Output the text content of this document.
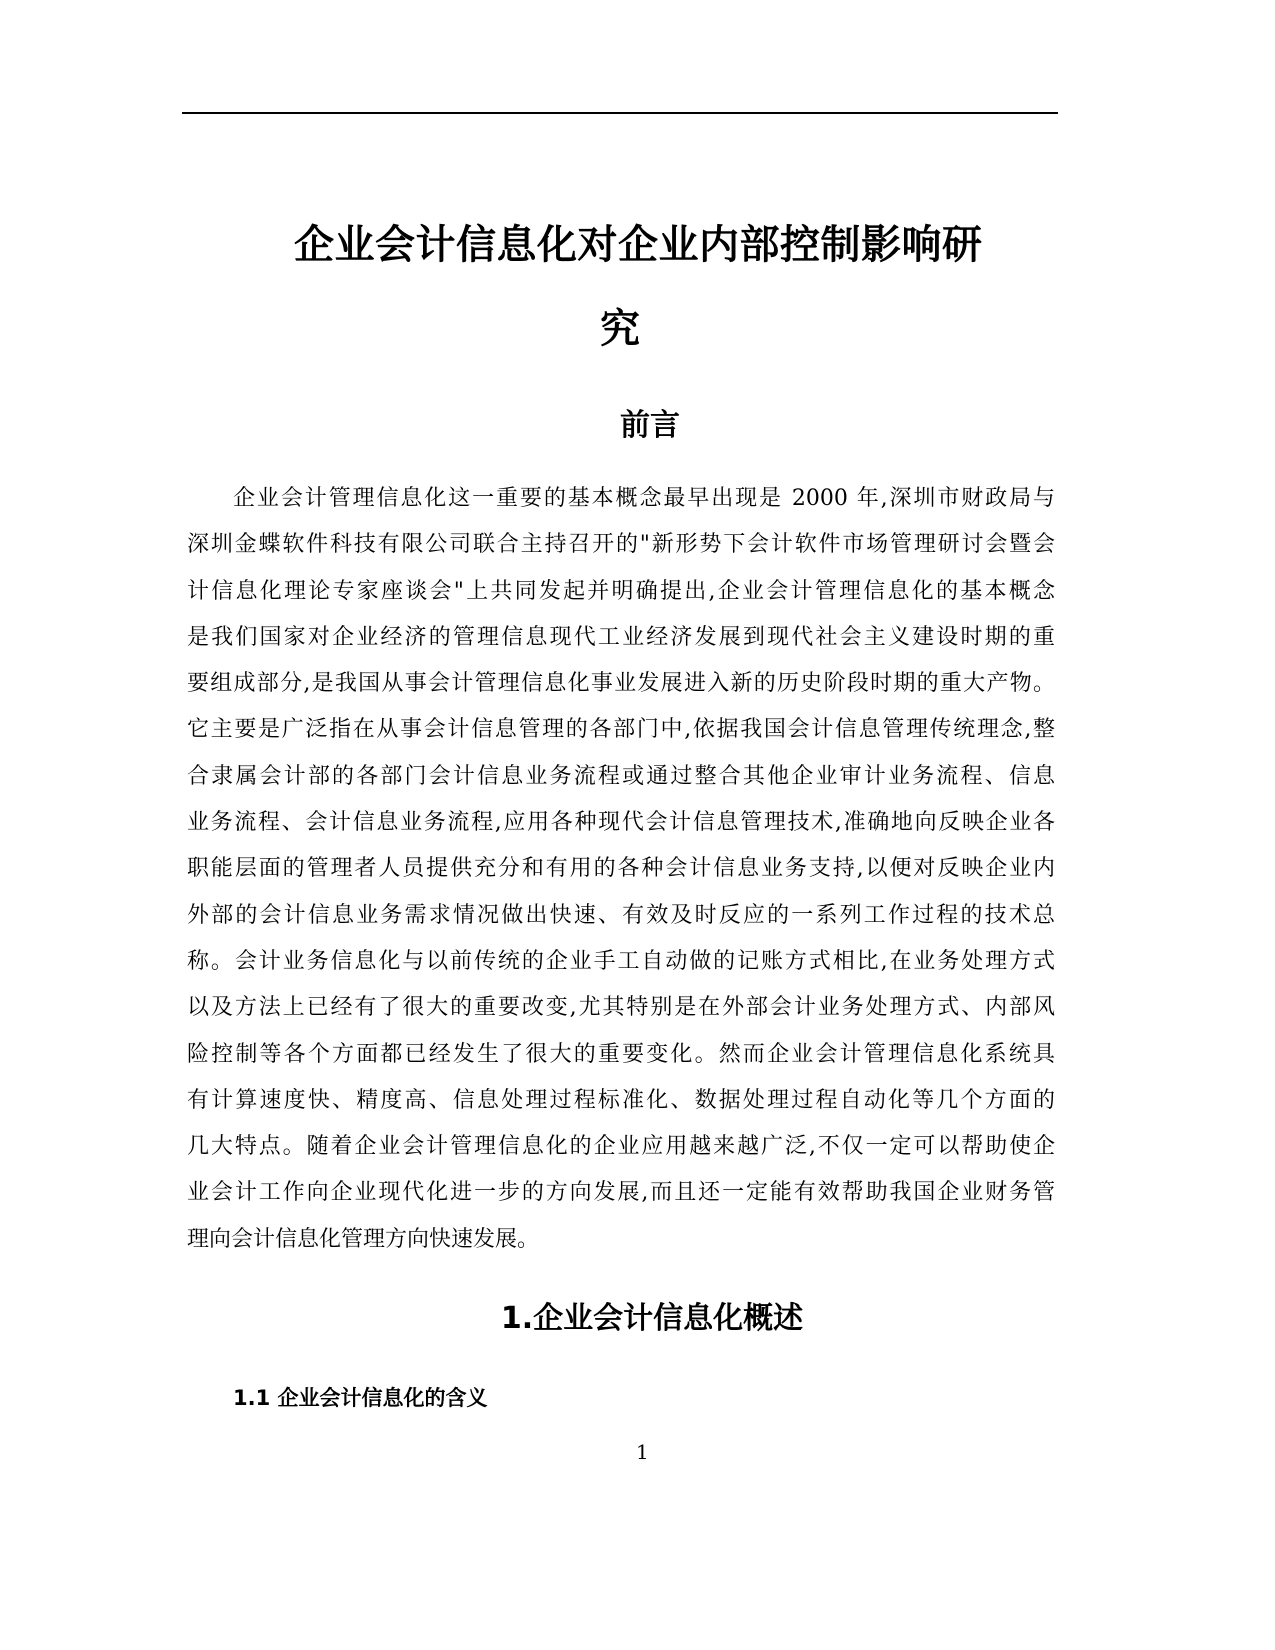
企业会计信息化对企业内部控制影响研
究
前言
企业会计管理信息化这一重要的基本概念最早出现是 2000 年,深圳市财政局与
深圳金蝶软件科技有限公司联合主持召开的"新形势下会计软件市场管理研讨会暨会
计信息化理论专家座谈会"上共同发起并明确提出,企业会计管理信息化的基本概念
是我们国家对企业经济的管理信息现代工业经济发展到现代社会主义建设时期的重
要组成部分,是我国从事会计管理信息化事业发展进入新的历史阶段时期的重大产物。
它主要是广泛指在从事会计信息管理的各部门中,依据我国会计信息管理传统理念,整
合隶属会计部的各部门会计信息业务流程或通过整合其他企业审计业务流程、信息
业务流程、会计信息业务流程,应用各种现代会计信息管理技术,准确地向反映企业各
职能层面的管理者人员提供充分和有用的各种会计信息业务支持,以便对反映企业内
外部的会计信息业务需求情况做出快速、有效及时反应的一系列工作过程的技术总
称。会计业务信息化与以前传统的企业手工自动做的记账方式相比,在业务处理方式
以及方法上已经有了很大的重要改变,尤其特别是在外部会计业务处理方式、内部风
险控制等各个方面都已经发生了很大的重要变化。然而企业会计管理信息化系统具
有计算速度快、精度高、信息处理过程标准化、数据处理过程自动化等几个方面的
几大特点。随着企业会计管理信息化的企业应用越来越广泛,不仅一定可以帮助使企
业会计工作向企业现代化进一步的方向发展,而且还一定能有效帮助我国企业财务管
理向会计信息化管理方向快速发展。
1.企业会计信息化概述
1.1 企业会计信息化的含义
1
